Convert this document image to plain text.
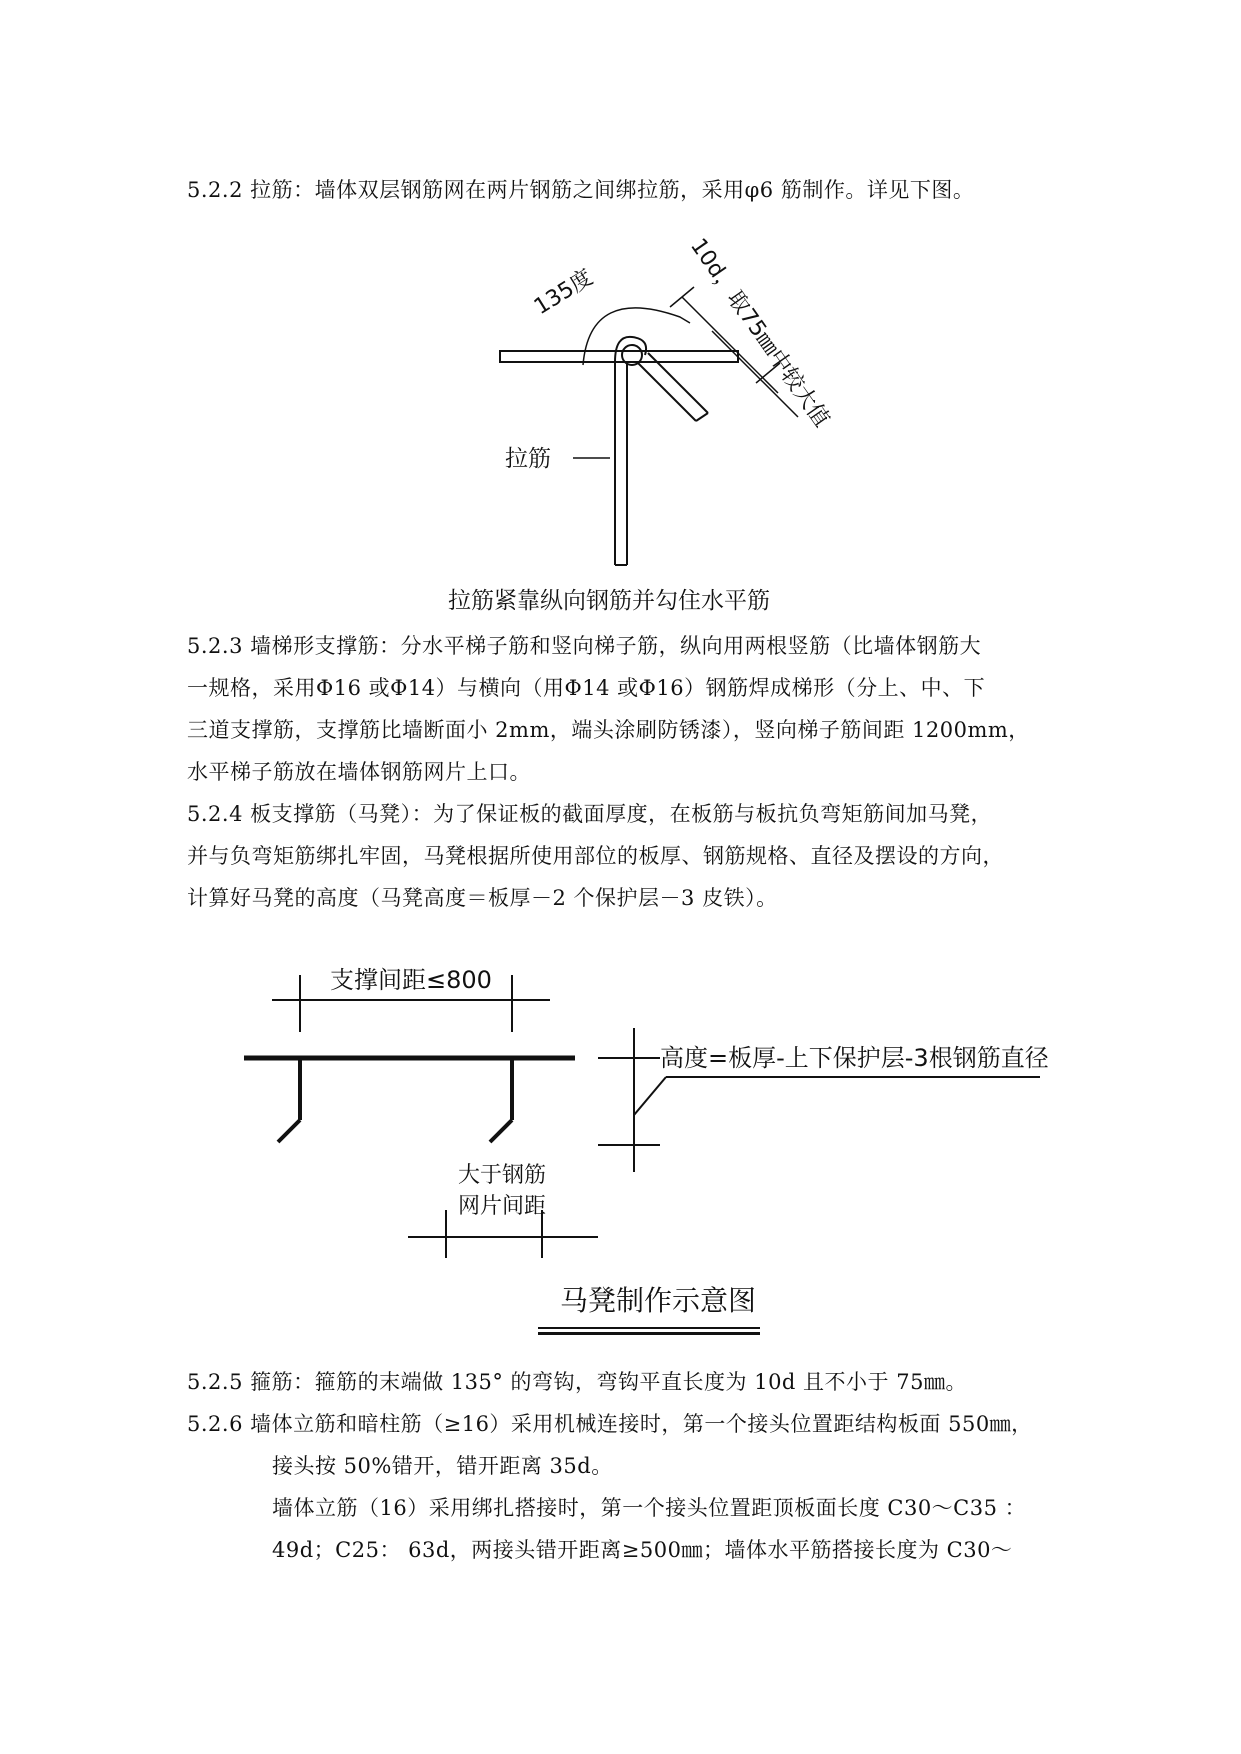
5.2.2 拉筋：墙体双层钢筋网在两片钢筋之间绑拉筋，采用φ6 筋制作。详见下图。
135度	10d，取75㎜中较大值
拉筋
拉筋紧靠纵向钢筋并勾住水平筋
5.2.3 墙梯形支撑筋：分水平梯子筋和竖向梯子筋，纵向用两根竖筋（比墙体钢筋大
一规格，采用Φ16 或Φ14）与横向（用Φ14 或Φ16）钢筋焊成梯形（分上、中、下
三道支撑筋，支撑筋比墙断面小 2mm，端头涂刷防锈漆），竖向梯子筋间距 1200mm，
水平梯子筋放在墙体钢筋网片上口。
5.2.4 板支撑筋（马凳）：为了保证板的截面厚度，在板筋与板抗负弯矩筋间加马凳，
并与负弯矩筋绑扎牢固，马凳根据所使用部位的板厚、钢筋规格、直径及摆设的方向，
计算好马凳的高度（马凳高度＝板厚－2 个保护层－3 皮铁）。
支撑间距≤800
高度=板厚-上下保护层-3根钢筋直径
大于钢筋
网片间距
马凳制作示意图
5.2.5 箍筋：箍筋的末端做 135° 的弯钩，弯钩平直长度为 10d 且不小于 75㎜。
5.2.6 墙体立筋和暗柱筋（≥16）采用机械连接时，第一个接头位置距结构板面 550㎜，
接头按 50%错开，错开距离 35d。
墙体立筋（16）采用绑扎搭接时，第一个接头位置距顶板面长度 C30～C35 ：
49d；C25： 63d，两接头错开距离≥500㎜；墙体水平筋搭接长度为 C30～
